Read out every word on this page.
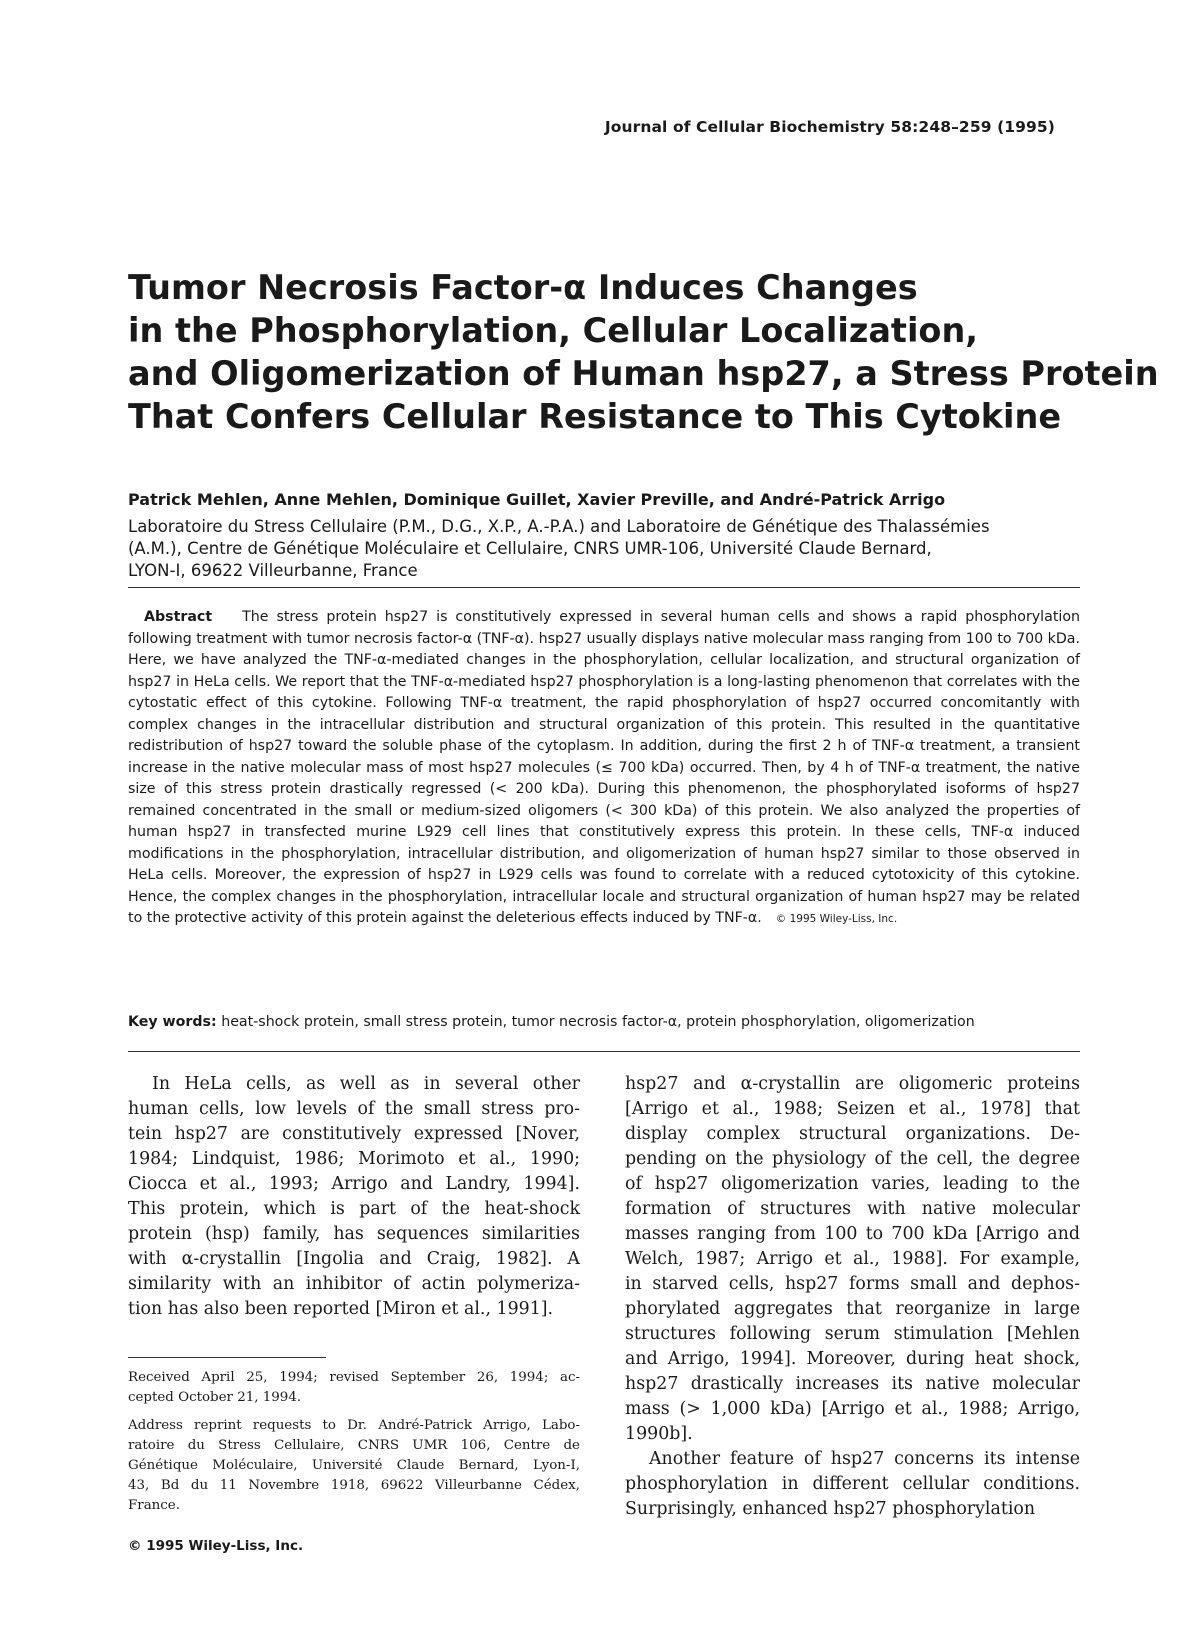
Journal of Cellular Biochemistry 58:248–259 (1995)
Tumor Necrosis Factor-α Induces Changes
in the Phosphorylation, Cellular Localization,
and Oligomerization of Human hsp27, a Stress Protein
That Confers Cellular Resistance to This Cytokine
Patrick Mehlen, Anne Mehlen, Dominique Guillet, Xavier Preville, and André-Patrick Arrigo
Laboratoire du Stress Cellulaire (P.M., D.G., X.P., A.-P.A.) and Laboratoire de Génétique des Thalassémies
(A.M.), Centre de Génétique Moléculaire et Cellulaire, CNRS UMR-106, Université Claude Bernard,
LYON-I, 69622 Villeurbanne, France
Abstract The stress protein hsp27 is constitutively expressed in several human cells and shows a rapid phosphorylation following treatment with tumor necrosis factor-α (TNF-α). hsp27 usually displays native molecular mass ranging from 100 to 700 kDa. Here, we have analyzed the TNF-α-mediated changes in the phosphorylation, cellular localization, and structural organization of hsp27 in HeLa cells. We report that the TNF-α-mediated hsp27 phosphorylation is a long-lasting phenomenon that correlates with the cytostatic effect of this cytokine. Following TNF-α treatment, the rapid phosphorylation of hsp27 occurred concomitantly with complex changes in the intracellular distribution and structural organization of this protein. This resulted in the quantitative redistribution of hsp27 toward the soluble phase of the cytoplasm. In addition, during the first 2 h of TNF-α treatment, a transient increase in the native molecular mass of most hsp27 molecules (≤ 700 kDa) occurred. Then, by 4 h of TNF-α treatment, the native size of this stress protein drastically regressed (< 200 kDa). During this phenomenon, the phosphorylated isoforms of hsp27 remained concentrated in the small or medium-sized oligomers (< 300 kDa) of this protein. We also analyzed the properties of human hsp27 in transfected murine L929 cell lines that constitutively express this protein. In these cells, TNF-α induced modifications in the phosphorylation, intracellular distribution, and oligomerization of human hsp27 similar to those observed in HeLa cells. Moreover, the expression of hsp27 in L929 cells was found to correlate with a reduced cytotoxicity of this cytokine. Hence, the complex changes in the phosphorylation, intracellular locale and structural organization of human hsp27 may be related to the protective activity of this protein against the deleterious effects induced by TNF-α. © 1995 Wiley-Liss, Inc.
Key words: heat-shock protein, small stress protein, tumor necrosis factor-α, protein phosphorylation, oligomerization

In HeLa cells, as well as in several other
human cells, low levels of the small stress pro-
tein hsp27 are constitutively expressed [Nover,
1984; Lindquist, 1986; Morimoto et al., 1990;
Ciocca et al., 1993; Arrigo and Landry, 1994].
This protein, which is part of the heat-shock
protein (hsp) family, has sequences similarities
with α-crystallin [Ingolia and Craig, 1982]. A
similarity with an inhibitor of actin polymeriza-
tion has also been reported [Miron et al., 1991].

hsp27 and α-crystallin are oligomeric proteins
[Arrigo et al., 1988; Seizen et al., 1978] that
display complex structural organizations. De-
pending on the physiology of the cell, the degree
of hsp27 oligomerization varies, leading to the
formation of structures with native molecular
masses ranging from 100 to 700 kDa [Arrigo and
Welch, 1987; Arrigo et al., 1988]. For example,
in starved cells, hsp27 forms small and dephos-
phorylated aggregates that reorganize in large
structures following serum stimulation [Mehlen
and Arrigo, 1994]. Moreover, during heat shock,
hsp27 drastically increases its native molecular
mass (> 1,000 kDa) [Arrigo et al., 1988; Arrigo,
1990b].

Another feature of hsp27 concerns its intense
phosphorylation in different cellular conditions.
Surprisingly, enhanced hsp27 phosphorylation

Received April 25, 1994; revised September 26, 1994; ac-
cepted October 21, 1994.

Address reprint requests to Dr. André-Patrick Arrigo, Labo-
ratoire du Stress Cellulaire, CNRS UMR 106, Centre de
Génétique Moléculaire, Université Claude Bernard, Lyon-I,
43, Bd du 11 Novembre 1918, 69622 Villeurbanne Cédex,
France.

© 1995 Wiley-Liss, Inc.
